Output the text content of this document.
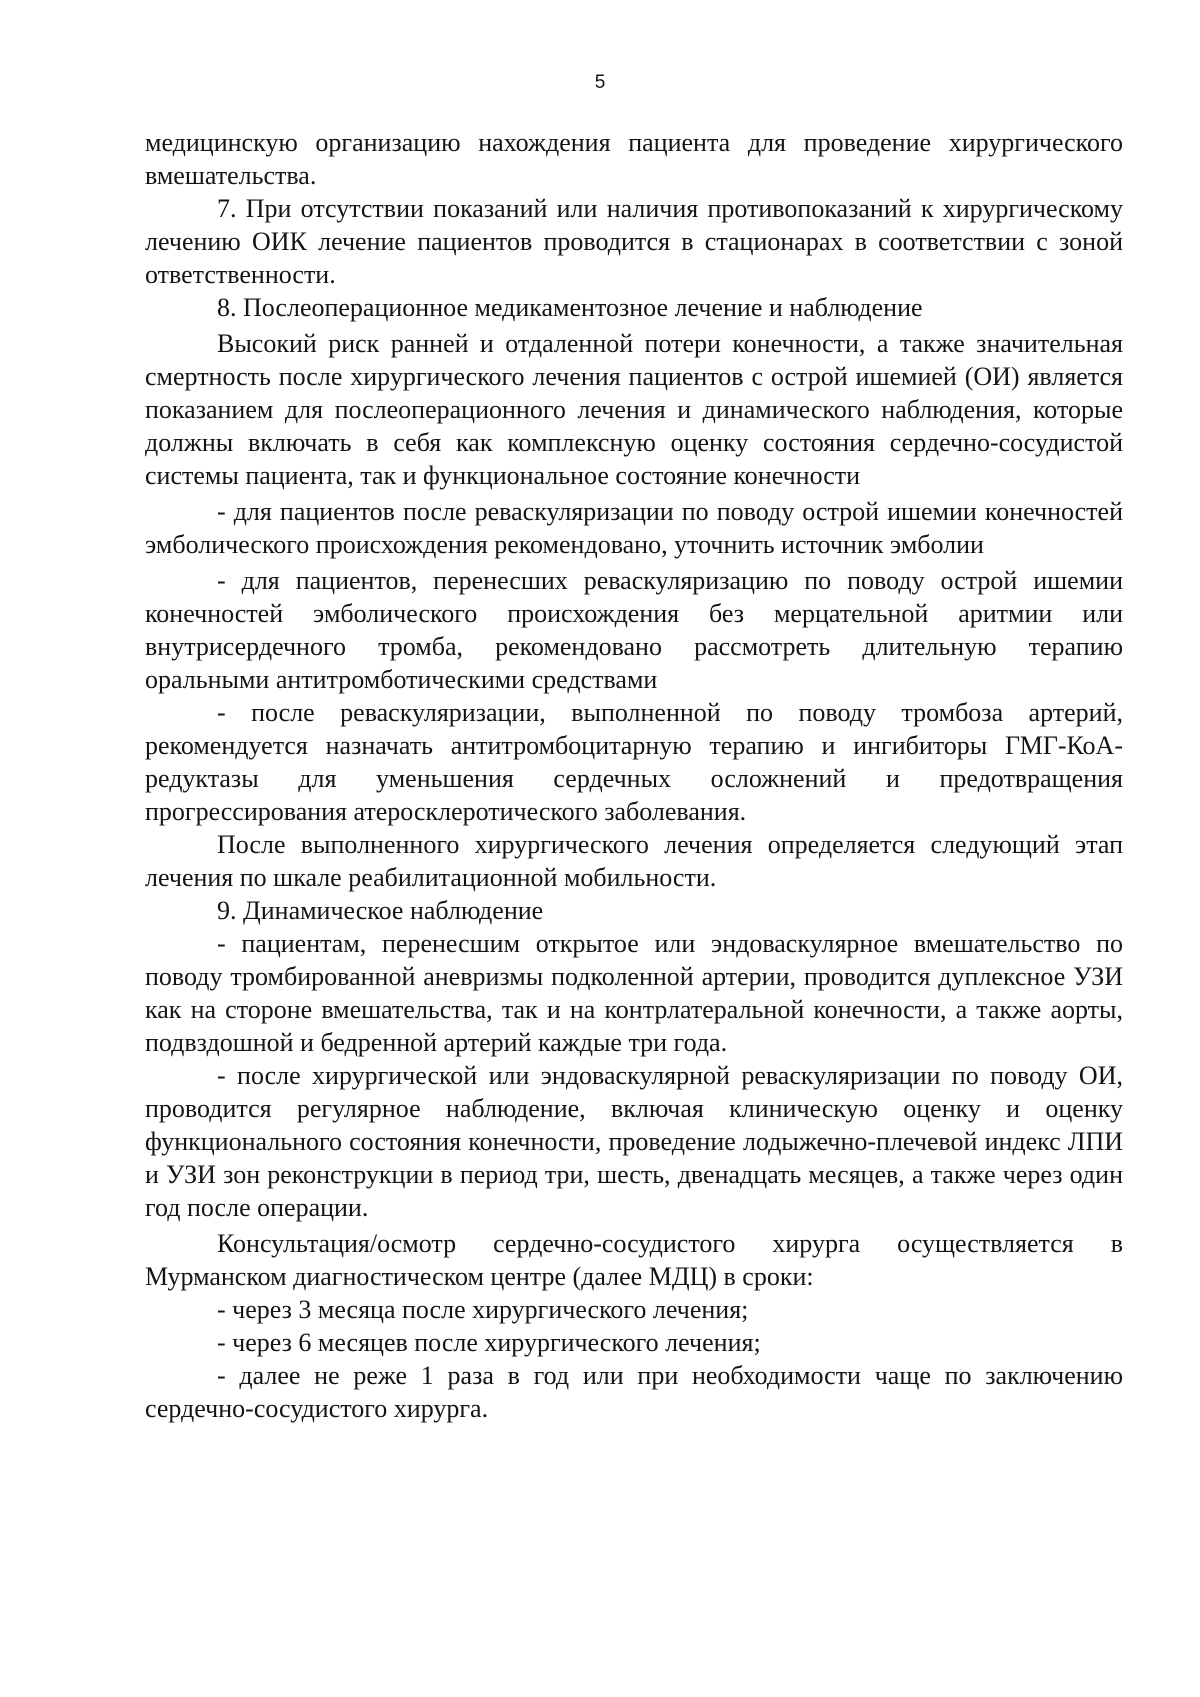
5

медицинскую организацию нахождения пациента для проведение хирургического вмешательства.

7. При отсутствии показаний или наличия противопоказаний к хирургическому лечению ОИК лечение пациентов проводится в стационарах в соответствии с зоной ответственности.

8. Послеоперационное медикаментозное лечение и наблюдение

Высокий риск ранней и отдаленной потери конечности, а также значительная смертность после хирургического лечения пациентов с острой ишемией (ОИ) является показанием для послеоперационного лечения и динамического наблюдения, которые должны включать в себя как комплексную оценку состояния сердечно-сосудистой системы пациента, так и функциональное состояние конечности

- для пациентов после реваскуляризации по поводу острой ишемии конечностей эмболического происхождения рекомендовано, уточнить источник эмболии

- для пациентов, перенесших реваскуляризацию по поводу острой ишемии конечностей эмболического происхождения без мерцательной аритмии или внутрисердечного тромба, рекомендовано рассмотреть длительную терапию оральными антитромботическими средствами

- после реваскуляризации, выполненной по поводу тромбоза артерий, рекомендуется назначать антитромбоцитарную терапию и ингибиторы ГМГ-КоА-редуктазы для уменьшения сердечных осложнений и предотвращения прогрессирования атеросклеротического заболевания.

После выполненного хирургического лечения определяется следующий этап лечения по шкале реабилитационной мобильности.

9. Динамическое наблюдение

- пациентам, перенесшим открытое или эндоваскулярное вмешательство по поводу тромбированной аневризмы подколенной артерии, проводится дуплексное УЗИ как на стороне вмешательства, так и на контрлатеральной конечности, а также аорты, подвздошной и бедренной артерий каждые три года.

- после хирургической или эндоваскулярной реваскуляризации по поводу ОИ, проводится регулярное наблюдение, включая клиническую оценку и оценку функционального состояния конечности, проведение лодыжечно-плечевой индекс ЛПИ и УЗИ зон реконструкции в период три, шесть, двенадцать месяцев, а также через один год после операции.

Консультация/осмотр сердечно-сосудистого хирурга осуществляется в Мурманском диагностическом центре (далее МДЦ) в сроки:

- через 3 месяца после хирургического лечения;

- через 6 месяцев после хирургического лечения;

- далее не реже 1 раза в год или при необходимости чаще по заключению сердечно-сосудистого хирурга.
